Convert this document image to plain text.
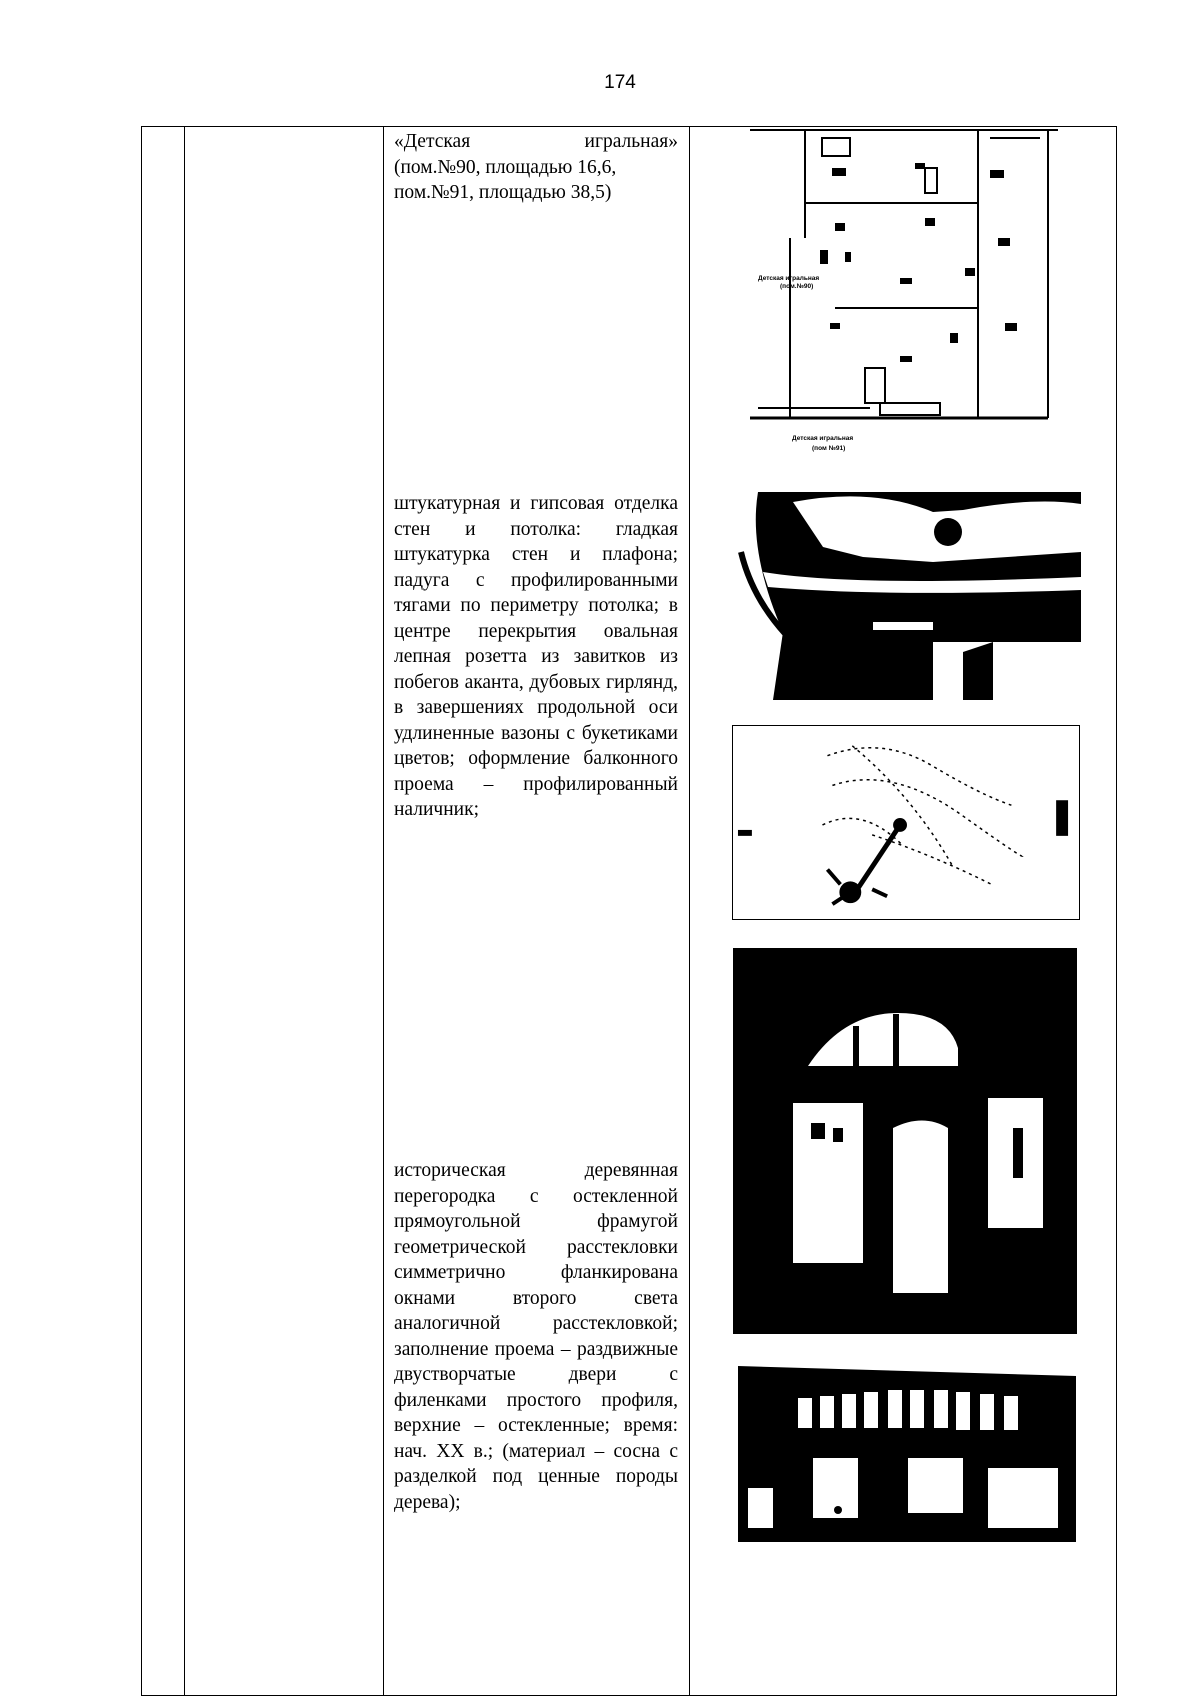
174
«Детская	игральная»

(пом.№90, площадью 16,6,
пом.№91, площадью 38,5)

штукатурная и гипсовая отделка стен и потолка: гладкая штукатурка стен и плафона; падуга с профилированными тягами по периметру потолка; в центре перекрытия овальная лепная розетта из завитков из побегов аканта, дубовых гирлянд, в завершениях продольной оси удлиненные вазоны с букетиками цветов; оформление балконного проема – профилированный наличник;

историческая деревянная перегородка с остекленной прямоугольной фрамугой геометрической расстекловки симметрично фланкирована окнами второго света аналогичной расстекловкой; заполнение проема – раздвижные двустворчатые двери с филенками простого профиля, верхние – остекленные; время: нач. XX в.; (материал – сосна с разделкой под ценные породы дерева);

Детская игральная
(пом.№90)
Детская игральная
(пом №91)
